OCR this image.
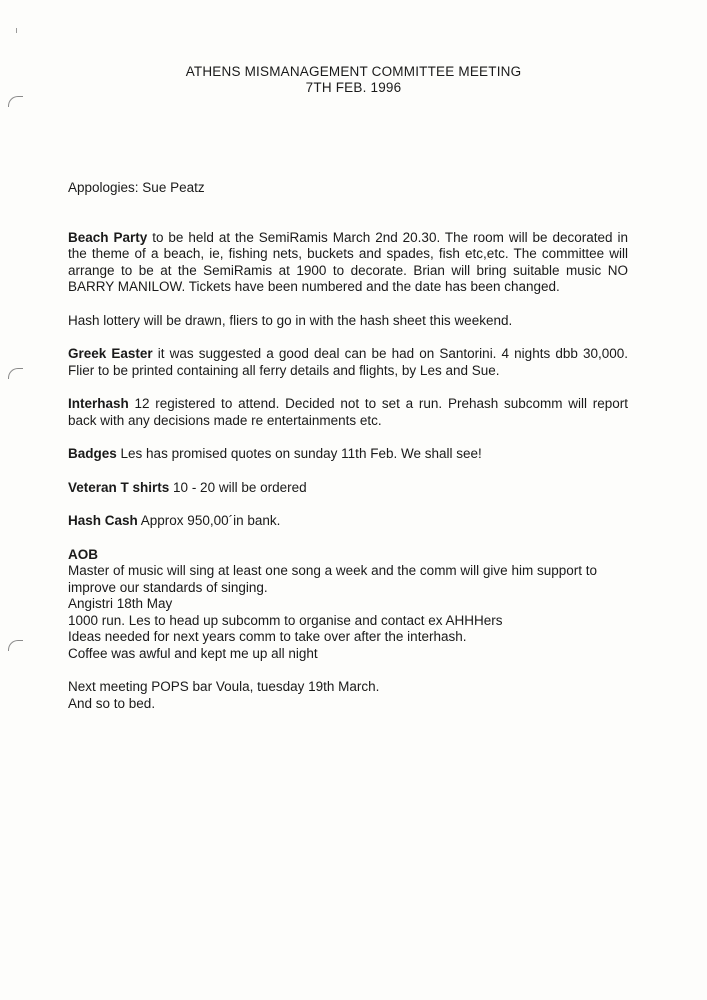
ATHENS MISMANAGEMENT COMMITTEE MEETING
7TH FEB. 1996

Appologies: Sue Peatz

Beach Party to be held at the SemiRamis March 2nd 20.30. The room will be decorated in the theme of a beach, ie, fishing nets, buckets and spades, fish etc,etc. The committee will arrange to be at the SemiRamis at 1900 to decorate. Brian will bring suitable music NO BARRY MANILOW. Tickets have been numbered and the date has been changed.

Hash lottery will be drawn, fliers to go in with the hash sheet this weekend.

Greek Easter it was suggested a good deal can be had on Santorini. 4 nights dbb 30,000. Flier to be printed containing all ferry details and flights, by Les and Sue.

Interhash 12 registered to attend. Decided not to set a run. Prehash subcomm will report back with any decisions made re entertainments etc.

Badges Les has promised quotes on sunday 11th Feb. We shall see!

Veteran T shirts 10 - 20 will be ordered

Hash Cash Approx 950,00´in bank.

AOB

Master of music will sing at least one song a week and the comm will give him support to improve our standards of singing.

Angistri 18th May

1000 run. Les to head up subcomm to organise and contact ex AHHHers

Ideas needed for next years comm to take over after the interhash.

Coffee was awful and kept me up all night

Next meeting POPS bar Voula, tuesday 19th March.

And so to bed.
